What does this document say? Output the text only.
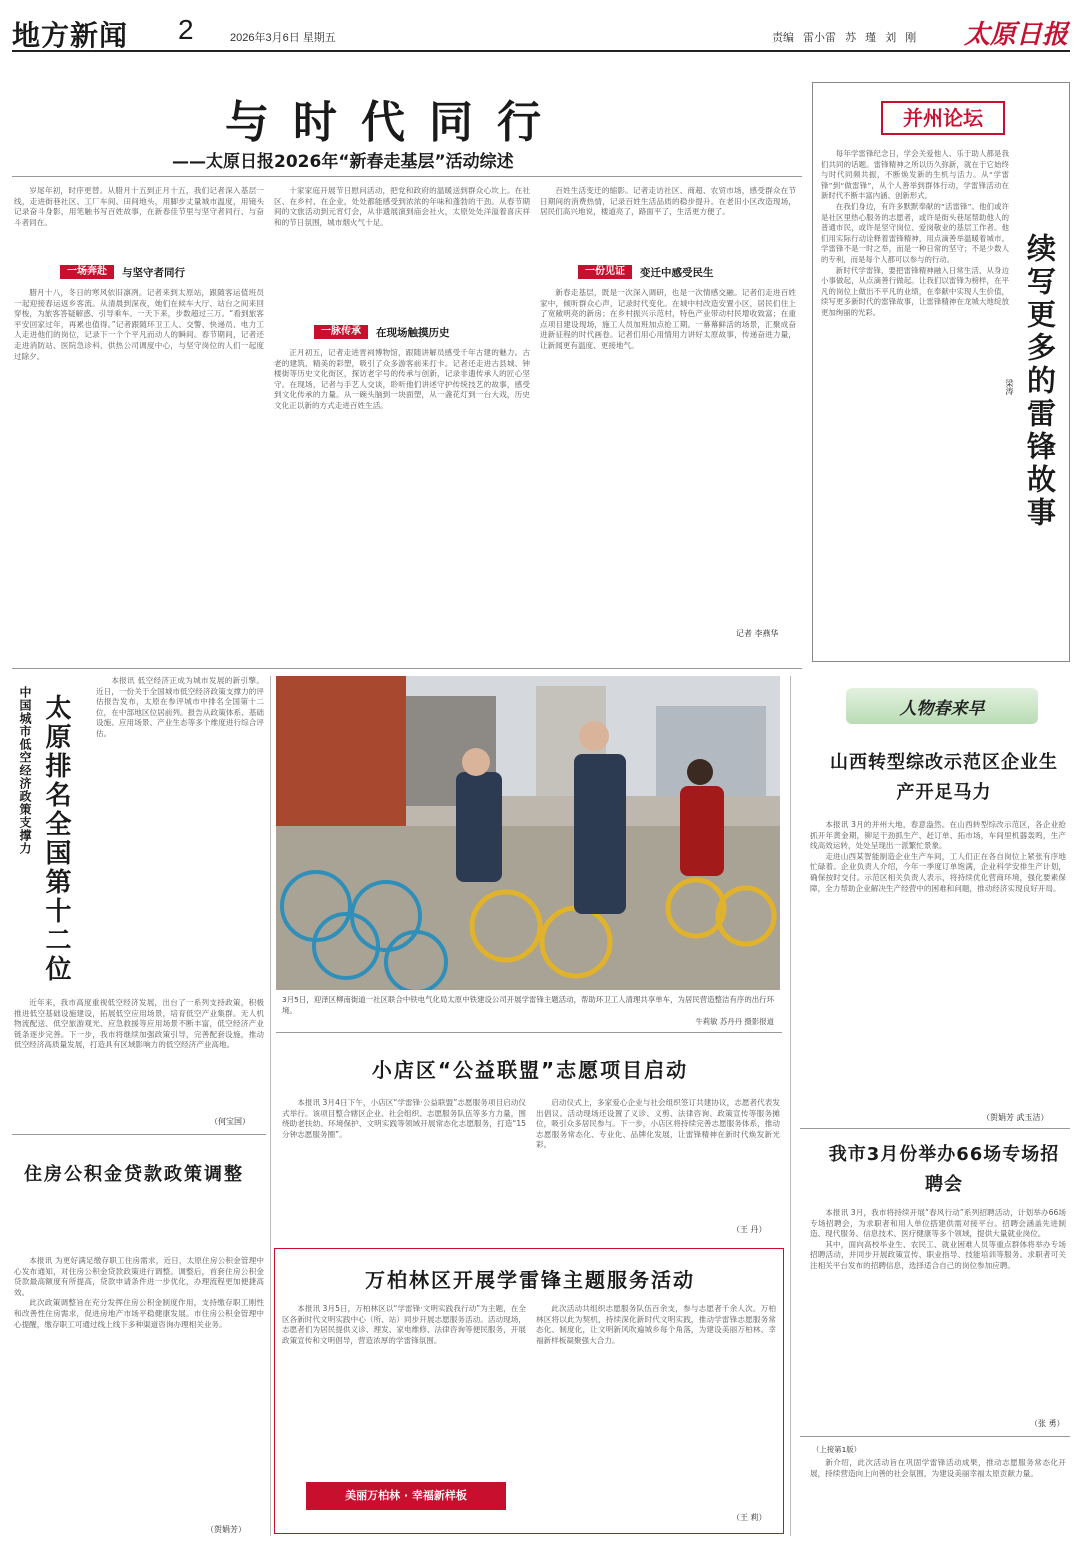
地方新闻 2	2026年3月6日 星期五	责编 雷小雷 苏 瑾 刘 刚 太原日报
与时代同行
——太原日报2026年“新春走基层”活动综述

岁尾年初，时序更替。从腊月十五到正月十五，我们记者深入基层一线，走进街巷社区、工厂车间、田间地头，用脚步丈量城市温度，用镜头记录奋斗身影，用笔触书写百姓故事，在新春佳节里与坚守者同行、与奋斗者同在。

一场奔赴	与坚守者同行

腊月十八，冬日的寒风依旧凛冽。记者来到太原站，跟随客运值班员一起迎接春运返乡客流。从清晨到深夜，她们在候车大厅、站台之间来回穿梭，为旅客答疑解惑、引导乘车。一天下来，步数超过三万。“看到旅客平安回家过年，再累也值得。”记者跟随环卫工人、交警、快递员、电力工人走进他们的岗位，记录下一个个平凡而动人的瞬间。春节期间，记者还走进消防站、医院急诊科、供热公司调度中心，与坚守岗位的人们一起度过除夕。

十家家庭开展节日慰问活动，把党和政府的温暖送到群众心坎上。在社区、在乡村、在企业，处处都能感受到浓浓的年味和蓬勃的干劲。从春节期间的文旅活动到元宵灯会，从非遗展演到庙会社火，太原处处洋溢着喜庆祥和的节日氛围，城市烟火气十足。

一脉传承	在现场触摸历史

正月初五，记者走进晋祠博物馆，跟随讲解员感受千年古建的魅力。古老的建筑、精美的彩塑，吸引了众多游客前来打卡。记者还走进古县城、钟楼街等历史文化街区，探访老字号的传承与创新，记录非遗传承人的匠心坚守。在现场，记者与手艺人交谈，聆听他们讲述守护传统技艺的故事，感受到文化传承的力量。从一碗头脑到一块面塑，从一盏花灯到一台大戏，历史文化正以新的方式走进百姓生活。

百姓生活变迁的缩影。记者走访社区、商超、农贸市场，感受群众在节日期间的消费热情，记录百姓生活品质的稳步提升。在老旧小区改造现场，居民们高兴地说，楼道亮了，路面平了，生活更方便了。

一份见证	变迁中感受民生

新春走基层，既是一次深入调研，也是一次情感交融。记者们走进百姓家中，倾听群众心声，记录时代变化。在城中村改造安置小区，居民们住上了宽敞明亮的新房；在乡村振兴示范村，特色产业带动村民增收致富；在重点项目建设现场，施工人员加班加点抢工期。一幕幕鲜活的场景，汇聚成奋进新征程的时代画卷。记者们用心用情用力讲好太原故事，传递奋进力量，让新闻更有温度、更接地气。

记者 李燕华
并州论坛

每年学雷锋纪念日，学会关爱他人、乐于助人都是我们共同的话题。雷锋精神之所以历久弥新，就在于它始终与时代同频共振，不断焕发新的生机与活力。从“学雷锋”到“做雷锋”，从个人善举到群体行动，学雷锋活动在新时代不断丰富内涵、创新形式。

在我们身边，有许多默默奉献的“活雷锋”。他们或许是社区里热心服务的志愿者，或许是街头巷尾帮助他人的普通市民，或许是坚守岗位、爱岗敬业的基层工作者。他们用实际行动诠释着雷锋精神，用点滴善举温暖着城市。学雷锋不是一时之举，而是一种日常的坚守；不是少数人的专利，而是每个人都可以参与的行动。

新时代学雷锋，要把雷锋精神融入日常生活，从身边小事做起，从点滴善行做起。让我们以雷锋为榜样，在平凡的岗位上做出不平凡的业绩，在奉献中实现人生价值，续写更多新时代的雷锋故事，让雷锋精神在龙城大地绽放更加绚丽的光彩。

梁涛 续写更多的雷锋故事
中国城市低空经济政策支撑力 太原排名全国第十二位

本报讯 低空经济正成为城市发展的新引擎。近日，一份关于全国城市低空经济政策支撑力的评估报告发布，太原在参评城市中排名全国第十二位，在中部地区位居前列。报告从政策体系、基础设施、应用场景、产业生态等多个维度进行综合评估。

近年来，我市高度重视低空经济发展，出台了一系列支持政策，积极推进低空基础设施建设，拓展低空应用场景，培育低空产业集群。无人机物流配送、低空旅游观光、应急救援等应用场景不断丰富，低空经济产业链条逐步完善。下一步，我市将继续加强政策引导，完善配套设施，推动低空经济高质量发展，打造具有区域影响力的低空经济产业高地。

（何宝国）
住房公积金贷款政策调整

本报讯 为更好满足缴存职工住房需求，近日，太原住房公积金管理中心发布通知，对住房公积金贷款政策进行调整。调整后，首套住房公积金贷款最高额度有所提高，贷款申请条件进一步优化，办理流程更加便捷高效。

此次政策调整旨在充分发挥住房公积金制度作用，支持缴存职工刚性和改善性住房需求，促进房地产市场平稳健康发展。市住房公积金管理中心提醒，缴存职工可通过线上线下多种渠道咨询办理相关业务。

（贺娟芳）
3月5日，迎泽区柳南街道一社区联合中铁电气化局太原中铁建设公司开展学雷锋主题活动，帮助环卫工人清理共享单车，为居民营造整洁有序的出行环境。
牛莉敏 苏丹丹 摄影报道
小店区“公益联盟”志愿项目启动

本报讯 3月4日下午，小店区“学雷锋·公益联盟”志愿服务项目启动仪式举行。该项目整合辖区企业、社会组织、志愿服务队伍等多方力量，围绕助老扶幼、环境保护、文明实践等领域开展常态化志愿服务，打造“15分钟志愿服务圈”。

启动仪式上，多家爱心企业与社会组织签订共建协议，志愿者代表发出倡议。活动现场还设置了义诊、义剪、法律咨询、政策宣传等服务摊位，吸引众多居民参与。下一步，小店区将持续完善志愿服务体系，推动志愿服务常态化、专业化、品牌化发展，让雷锋精神在新时代焕发新光彩。

（王 丹）
万柏林区开展学雷锋主题服务活动

本报讯 3月5日，万柏林区以“学雷锋·文明实践我行动”为主题，在全区各新时代文明实践中心（所、站）同步开展志愿服务活动。活动现场，志愿者们为居民提供义诊、理发、家电维修、法律咨询等便民服务，开展政策宣传和文明倡导，营造浓厚的学雷锋氛围。

此次活动共组织志愿服务队伍百余支，参与志愿者千余人次。万柏林区将以此为契机，持续深化新时代文明实践，推动学雷锋志愿服务常态化、制度化，让文明新风吹遍城乡每个角落，为建设美丽万柏林、幸福新样板凝聚强大合力。

美丽万柏林 · 幸福新样板
（王 莉）
人物春来早
山西转型综改示范区企业生产开足马力

本报讯 3月的并州大地，春意盎然。在山西转型综改示范区，各企业抢抓开年黄金期，铆足干劲抓生产、赶订单、拓市场，车间里机器轰鸣，生产线高效运转，处处呈现出一派繁忙景象。

走进山西某智能制造企业生产车间，工人们正在各自岗位上紧张有序地忙碌着。企业负责人介绍，今年一季度订单饱满，企业科学安排生产计划，确保按时交付。示范区相关负责人表示，将持续优化营商环境，强化要素保障，全力帮助企业解决生产经营中的困难和问题，推动经济实现良好开局。

（贺娟芳 武玉洁）
我市3月份举办66场专场招聘会

本报讯 3月，我市将持续开展“春风行动”系列招聘活动，计划举办66场专场招聘会，为求职者和用人单位搭建供需对接平台。招聘会涵盖先进制造、现代服务、信息技术、医疗健康等多个领域，提供大量就业岗位。

其中，面向高校毕业生、农民工、就业困难人员等重点群体将举办专场招聘活动，并同步开展政策宣传、职业指导、技能培训等服务。求职者可关注相关平台发布的招聘信息，选择适合自己的岗位参加应聘。

（张 勇）
（上接第1版）

新介绍，此次活动旨在巩固学雷锋活动成果，推动志愿服务常态化开展，持续营造向上向善的社会氛围，为建设美丽幸福太原贡献力量。
